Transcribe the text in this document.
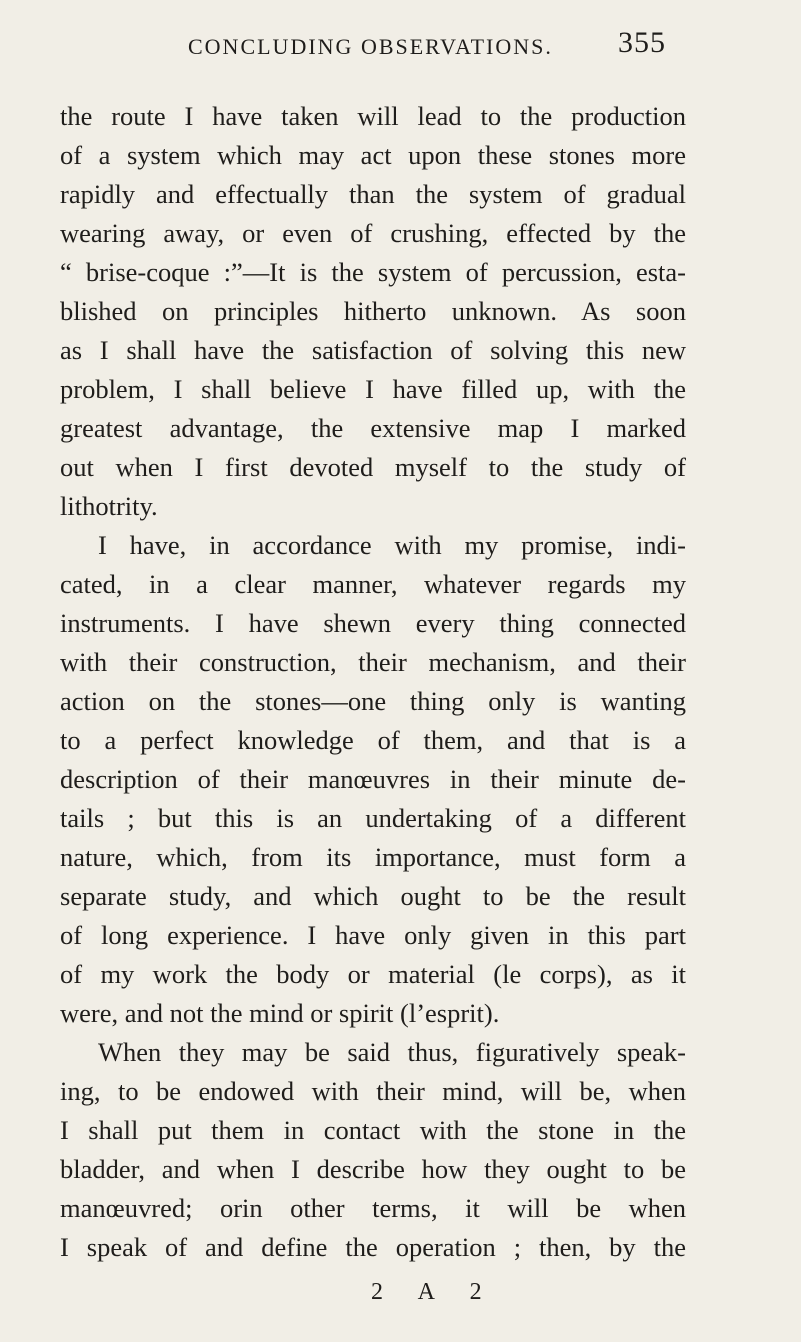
CONCLUDING OBSERVATIONS. 355
the route I have taken will lead to the production
of a system which may act upon these stones more
rapidly and effectually than the system of gradual
wearing away, or even of crushing, effected by the
“ brise-coque :”—It is the system of percussion, esta-
blished on principles hitherto unknown. As soon
as I shall have the satisfaction of solving this new
problem, I shall believe I have filled up, with the
greatest advantage, the extensive map I marked
out when I first devoted myself to the study of
lithotrity.
I have, in accordance with my promise, indi-
cated, in a clear manner, whatever regards my
instruments. I have shewn every thing connected
with their construction, their mechanism, and their
action on the stones—one thing only is wanting
to a perfect knowledge of them, and that is a
description of their manœuvres in their minute de-
tails ; but this is an undertaking of a different
nature, which, from its importance, must form a
separate study, and which ought to be the result
of long experience. I have only given in this part
of my work the body or material (le corps), as it
were, and not the mind or spirit (l’esprit).
When they may be said thus, figuratively speak-
ing, to be endowed with their mind, will be, when
I shall put them in contact with the stone in the
bladder, and when I describe how they ought to be
manœuvred; orin other terms, it will be when
I speak of and define the operation ; then, by the
2 A 2
